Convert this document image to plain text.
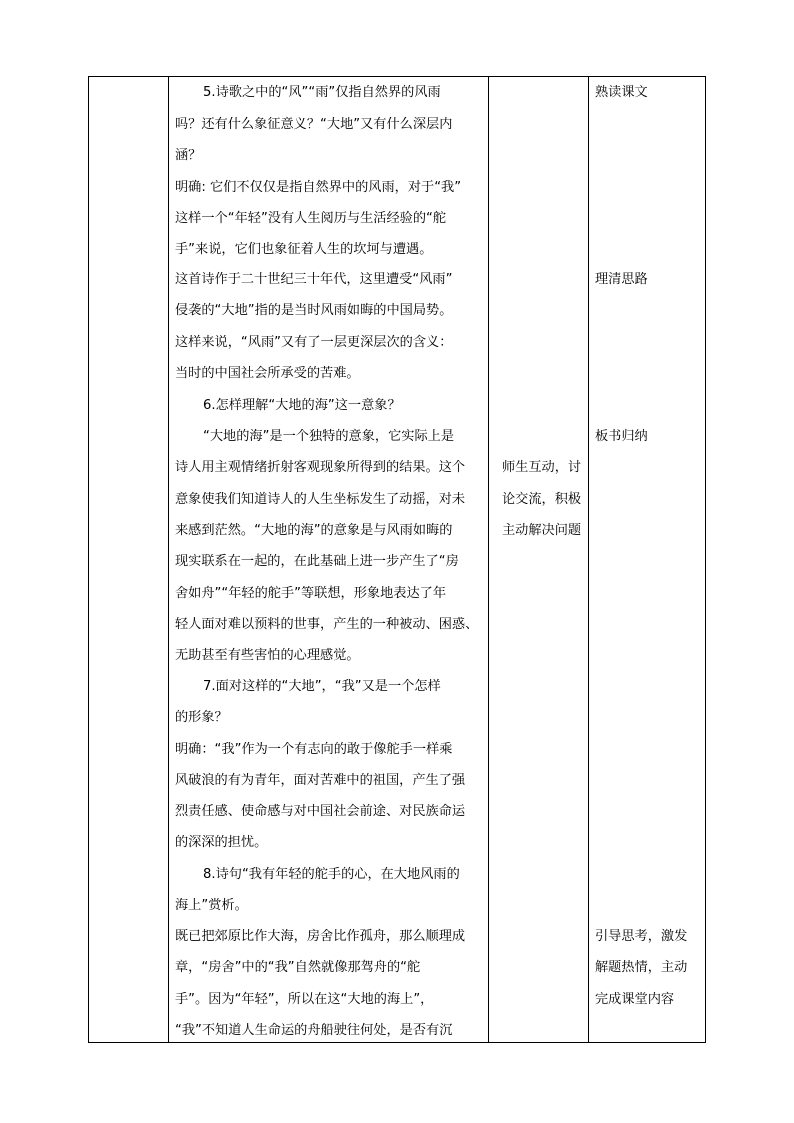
5.诗歌之中的“风”“雨”仅指自然界的风雨
吗？还有什么象征意义？“大地”又有什么深层内
涵？
明确: 它们不仅仅是指自然界中的风雨，对于“我”
这样一个“年轻”没有人生阅历与生活经验的“舵
手”来说，它们也象征着人生的坎坷与遭遇。
这首诗作于二十世纪三十年代，这里遭受“风雨”
侵袭的“大地”指的是当时风雨如晦的中国局势。
这样来说，“风雨”又有了一层更深层次的含义：
当时的中国社会所承受的苦难。
6.怎样理解“大地的海”这一意象？
“大地的海”是一个独特的意象，它实际上是
诗人用主观情绪折射客观现象所得到的结果。这个
意象使我们知道诗人的人生坐标发生了动摇，对未
来感到茫然。“大地的海”的意象是与风雨如晦的
现实联系在一起的，在此基础上进一步产生了“房
舍如舟”“年轻的舵手”等联想，形象地表达了年
轻人面对难以预料的世事，产生的一种被动、困惑、
无助甚至有些害怕的心理感觉。
7.面对这样的“大地”，“我”又是一个怎样
的形象？
明确：“我”作为一个有志向的敢于像舵手一样乘
风破浪的有为青年，面对苦难中的祖国，产生了强
烈责任感、使命感与对中国社会前途、对民族命运
的深深的担忧。
8.诗句“我有年轻的舵手的心，在大地风雨的
海上”赏析。
既已把郊原比作大海，房舍比作孤舟，那么顺理成
章，“房舍”中的“我”自然就像那驾舟的“舵
手”。因为“年轻”，所以在这“大地的海上”，
“我”不知道人生命运的舟船驶往何处，是否有沉
师生互动，讨
论交流，积极
主动解决问题
熟读课文
理清思路
板书归纳
引导思考，激发
解题热情，主动
完成课堂内容
